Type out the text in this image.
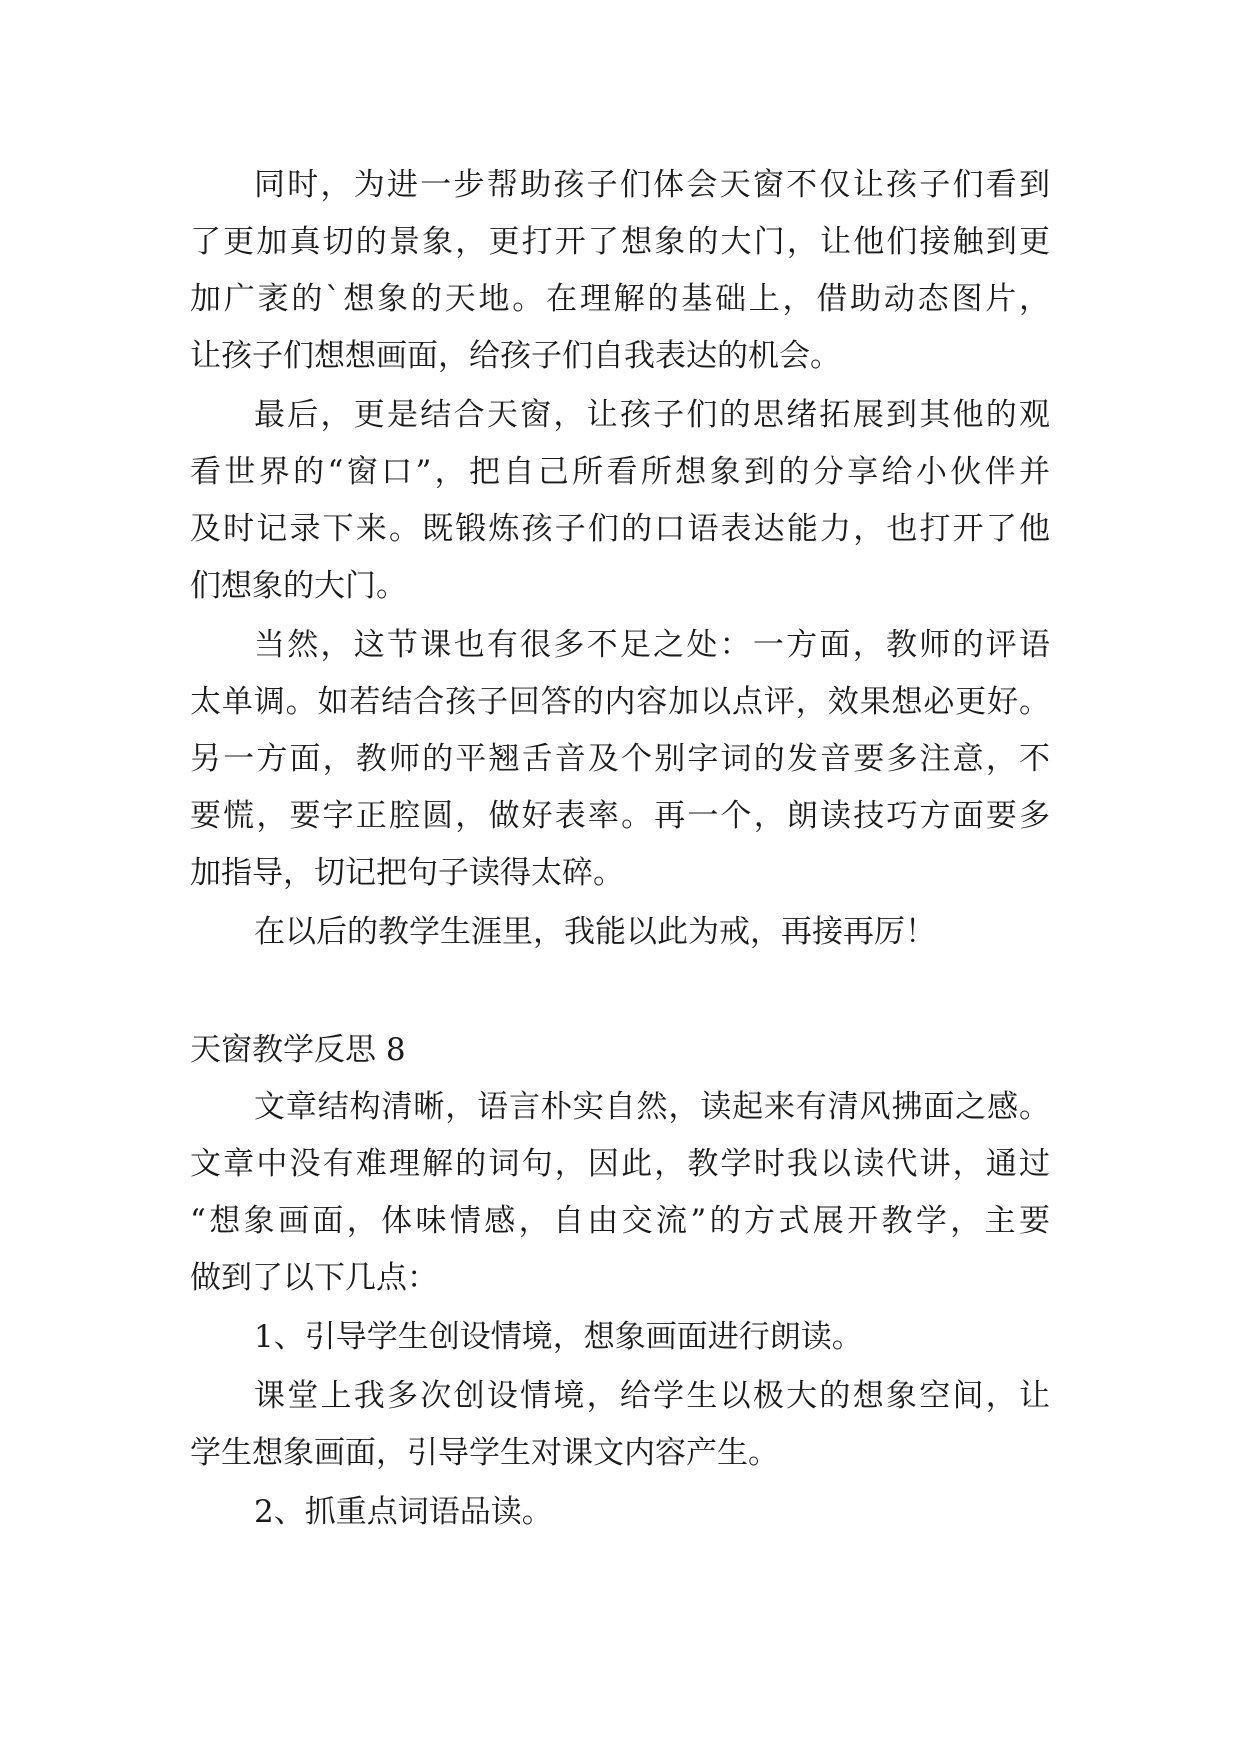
同时，为进一步帮助孩子们体会天窗不仅让孩子们看到
了更加真切的景象，更打开了想象的大门，让他们接触到更
加广袤的`想象的天地。在理解的基础上，借助动态图片，
让孩子们想想画面，给孩子们自我表达的机会。
最后，更是结合天窗，让孩子们的思绪拓展到其他的观
看世界的“窗口”，把自己所看所想象到的分享给小伙伴并
及时记录下来。既锻炼孩子们的口语表达能力，也打开了他
们想象的大门。
当然，这节课也有很多不足之处：一方面，教师的评语
太单调。如若结合孩子回答的内容加以点评，效果想必更好。
另一方面，教师的平翘舌音及个别字词的发音要多注意，不
要慌，要字正腔圆，做好表率。再一个，朗读技巧方面要多
加指导，切记把句子读得太碎。
在以后的教学生涯里，我能以此为戒，再接再厉！
天窗教学反思 8
文章结构清晰，语言朴实自然，读起来有清风拂面之感。
文章中没有难理解的词句，因此，教学时我以读代讲，通过
“想象画面，体味情感，自由交流”的方式展开教学，主要
做到了以下几点：
1、引导学生创设情境，想象画面进行朗读。
课堂上我多次创设情境，给学生以极大的想象空间，让
学生想象画面，引导学生对课文内容产生。
2、抓重点词语品读。
